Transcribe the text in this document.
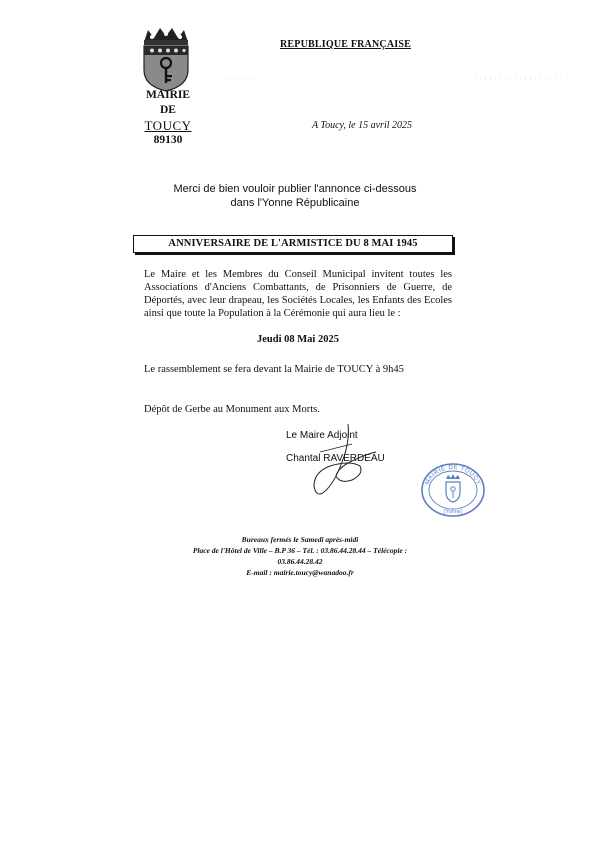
MAIRIE
DE
TOUCY
89130
REPUBLIQUE FRANÇAISE
A Toucy, le 15 avril 2025
Merci de bien vouloir publier l'annonce ci-dessous
dans l'Yonne Républicaine
ANNIVERSAIRE DE L'ARMISTICE DU 8 MAI 1945
Le Maire et les Membres du Conseil Municipal invitent toutes les Associations d'Anciens Combattants, de Prisonniers de Guerre, de Déportés, avec leur drapeau, les Sociétés Locales, les Enfants des Ecoles ainsi que toute la Population à la Cérémonie qui aura lieu le :
Jeudi 08 Mai 2025
Le rassemblement se fera devant la Mairie de TOUCY à 9h45
Dépôt de Gerbe au Monument aux Morts.
Le Maire Adjoint
Chantal RAVERDEAU
MAIRIE DE TOUCY
(Yonne)
Bureaux fermés le Samedi après-midi
Place de l'Hôtel de Ville – B.P 36 – Tél. : 03.86.44.28.44 – Télécopie :
03.86.44.28.42
E-mail : mairie.toucy@wanadoo.fr
